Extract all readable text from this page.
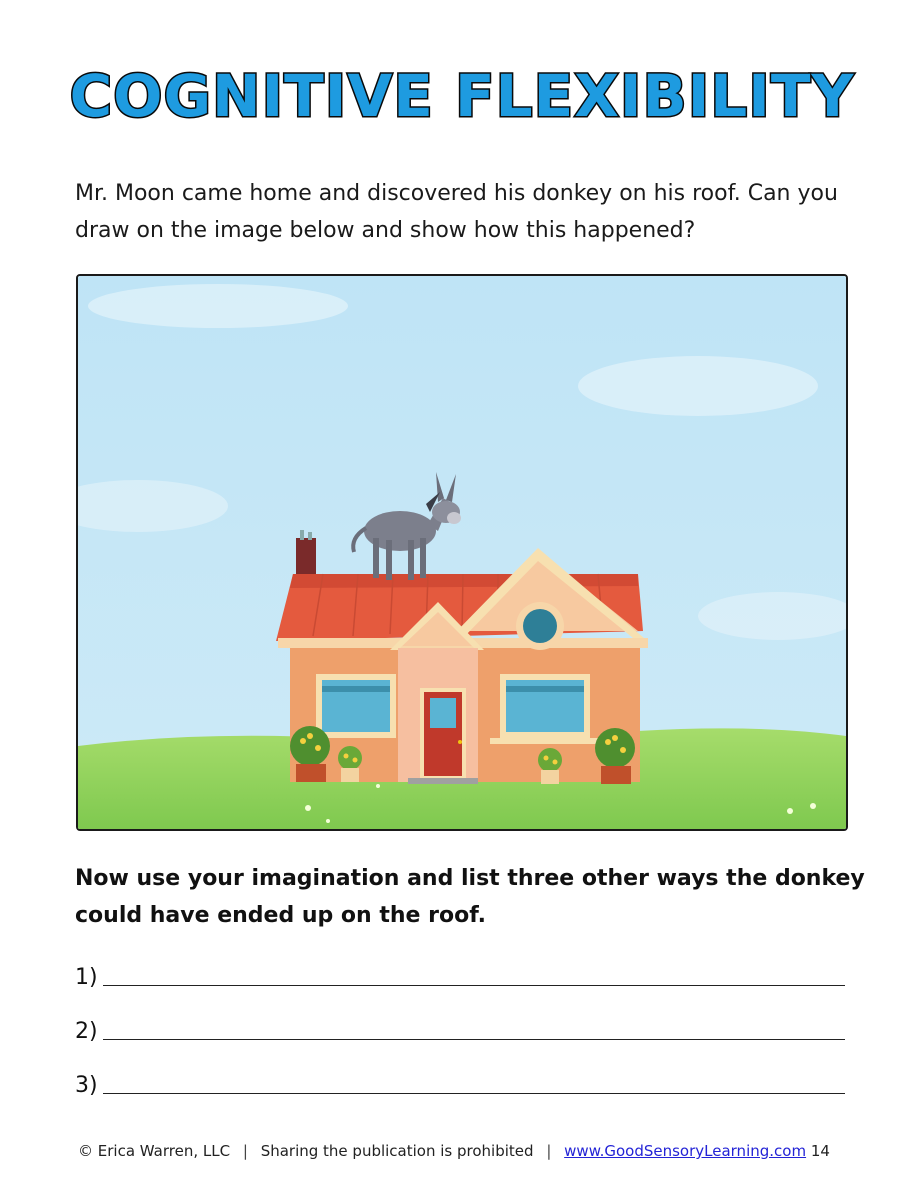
COGNITIVE FLEXIBILITY
Mr. Moon came home and discovered his donkey on his roof. Can you draw on the image below and show how this happened?
Now use your imagination and list three other ways the donkey could have ended up on the roof.
1)
2)
3)
© Erica Warren, LLC | Sharing the publication is prohibited | www.GoodSensoryLearning.com 14
